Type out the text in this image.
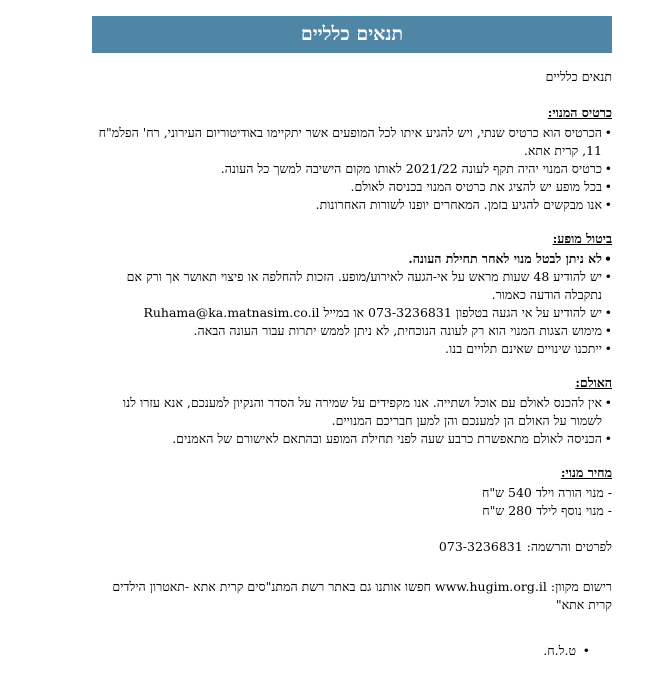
תנאים כלליים
תנאים כלליים
כרטיס המנוי:
• הכרטיס הוא כרטיס שנתי, ויש להגיע איתו לכל המופעים אשר יתקיימו באודיטוריום העירוני, רח' הפלמ"ח 11, קרית אתא.
• כרטיס המנוי יהיה תקף לעונה 2021/22 לאותו מקום הישיבה למשך כל העונה.
• בכל מופע יש להציג את כרטיס המנוי בכניסה לאולם.
• אנו מבקשים להגיע בזמן. המאחרים יופנו לשורות האחרונות.
ביטול מופע:
• לא ניתן לבטל מנוי לאחר תחילת העונה.
• יש להודיע 48 שעות מראש על אי-הגעה לאירוע/מופע. הזכות להחלפה או פיצוי תאושר אך ורק אם נתקבלה הודעה כאמור.
• יש להודיע על אי הגעה בטלפון 073-3236831 או במייל Ruhama@ka.matnasim.co.il
• מימוש הצגות המנוי הוא רק לעונה הנוכחית, לא ניתן לממש יתרות עבור העונה הבאה.
• ייתכנו שינויים שאינם תלויים בנו.
האולם:
• אין להכנס לאולם עם אוכל ושתייה. אנו מקפידים על שמירה על הסדר והנקיון למענכם, אנא עזרו לנו לשמור על האולם הן למענכם והן למען חבריכם המנויים.
• הכניסה לאולם מתאפשרת כרבע שעה לפני תחילת המופע ובהתאם לאישורם של האמנים.
מחיר מנוי:
- מנוי הורה וילד 540 ש"ח
- מנוי נוסף לילד 280 ש"ח
לפרטים והרשמה: 073-3236831
רישום מקוון: www.hugim.org.il חפשו אותנו גם באתר רשת המתנ"סים קרית אתא -תאטרון הילדים קרית אתא"
• ט.ל.ח.
